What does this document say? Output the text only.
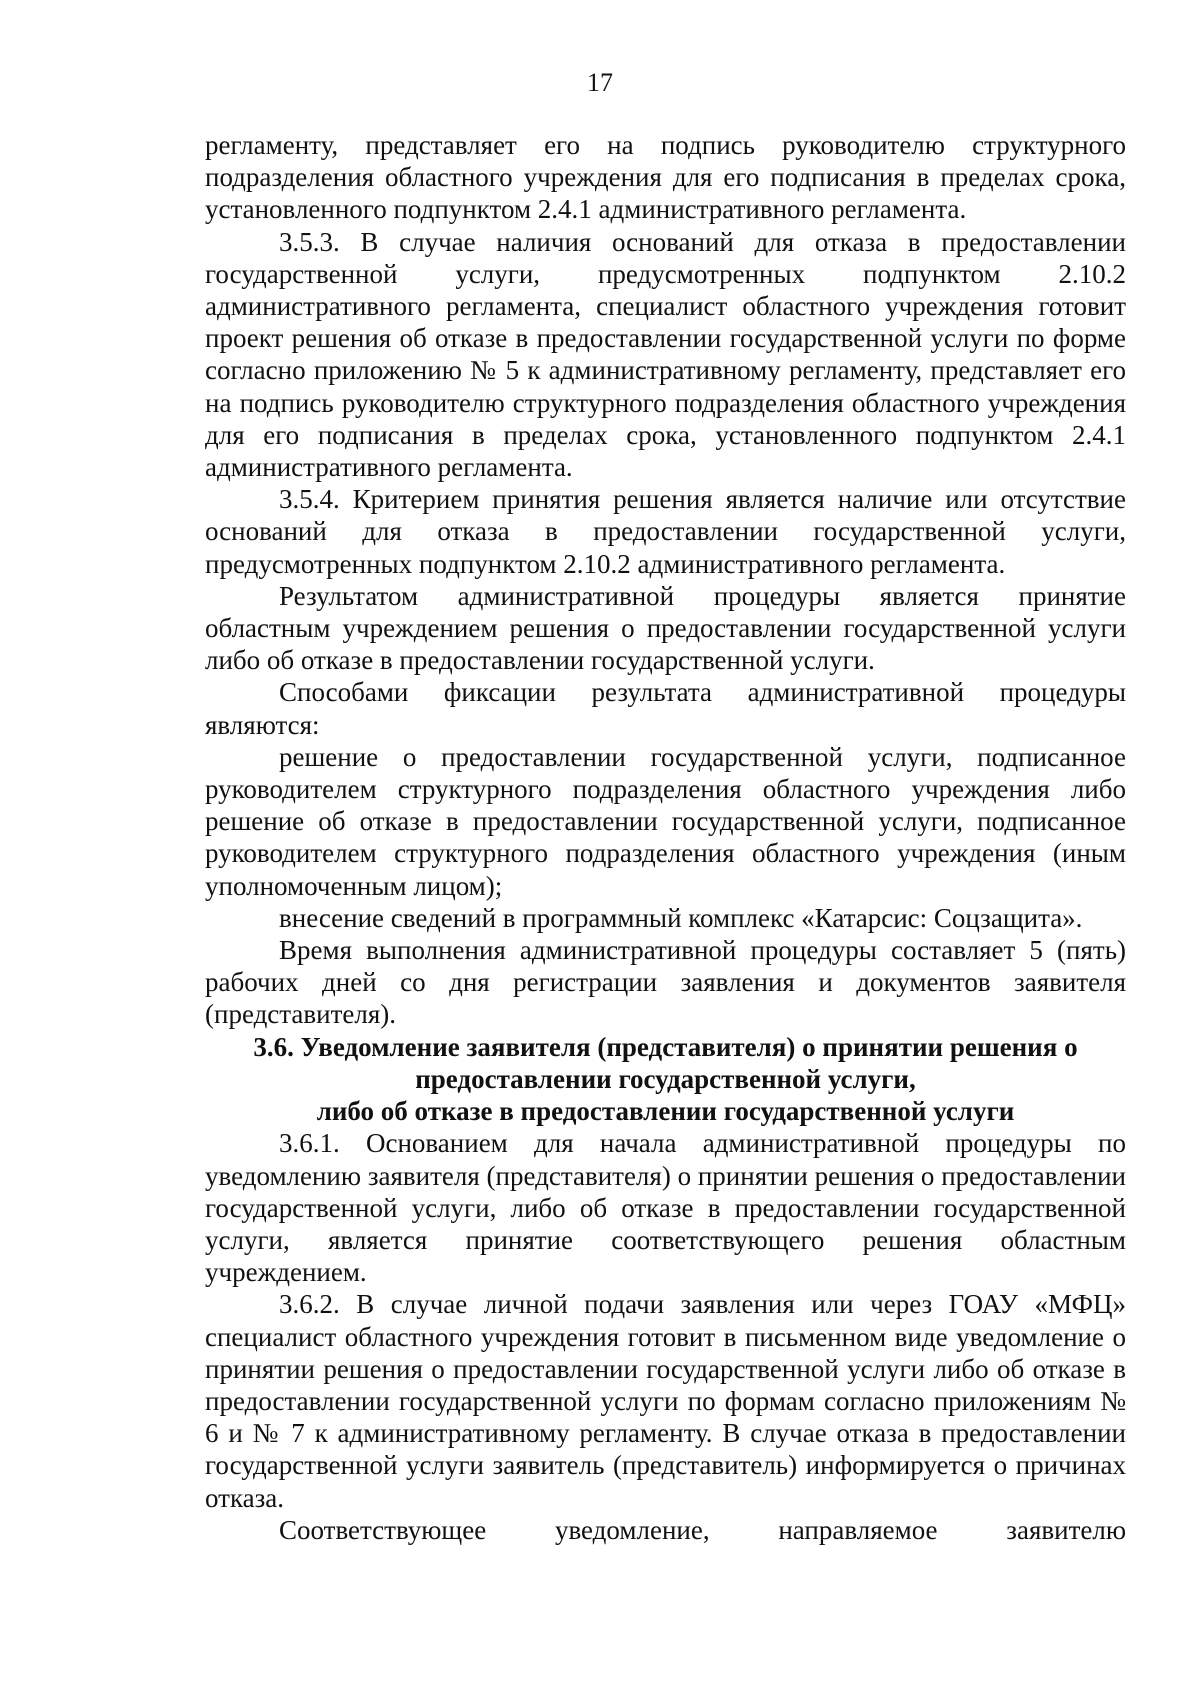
17

регламенту, представляет его на подпись руководителю структурного подразделения областного учреждения для его подписания в пределах срока, установленного подпунктом 2.4.1 административного регламента.

3.5.3. В случае наличия оснований для отказа в предоставлении государственной услуги, предусмотренных подпунктом 2.10.2 административного регламента, специалист областного учреждения готовит проект решения об отказе в предоставлении государственной услуги по форме согласно приложению № 5 к административному регламенту, представляет его на подпись руководителю структурного подразделения областного учреждения для его подписания в пределах срока, установленного подпунктом 2.4.1 административного регламента.

3.5.4. Критерием принятия решения является наличие или отсутствие оснований для отказа в предоставлении государственной услуги, предусмотренных подпунктом 2.10.2 административного регламента.

Результатом административной процедуры является принятие областным учреждением решения о предоставлении государственной услуги либо об отказе в предоставлении государственной услуги.

Способами фиксации результата административной процедуры являются:

решение о предоставлении государственной услуги, подписанное руководителем структурного подразделения областного учреждения либо решение об отказе в предоставлении государственной услуги, подписанное руководителем структурного подразделения областного учреждения (иным уполномоченным лицом);

внесение сведений в программный комплекс «Катарсис: Соцзащита».

Время выполнения административной процедуры составляет 5 (пять) рабочих дней со дня регистрации заявления и документов заявителя (представителя).

3.6. Уведомление заявителя (представителя) о принятии решения о
предоставлении государственной услуги,
либо об отказе в предоставлении государственной услуги

3.6.1. Основанием для начала административной процедуры по уведомлению заявителя (представителя) о принятии решения о предоставлении государственной услуги, либо об отказе в предоставлении государственной услуги, является принятие соответствующего решения областным учреждением.

3.6.2. В случае личной подачи заявления или через ГОАУ «МФЦ» специалист областного учреждения готовит в письменном виде уведомление о принятии решения о предоставлении государственной услуги либо об отказе в предоставлении государственной услуги по формам согласно приложениям № 6 и № 7 к административному регламенту. В случае отказа в предоставлении государственной услуги заявитель (представитель) информируется о причинах отказа.

Соответствующее уведомление, направляемое заявителю
